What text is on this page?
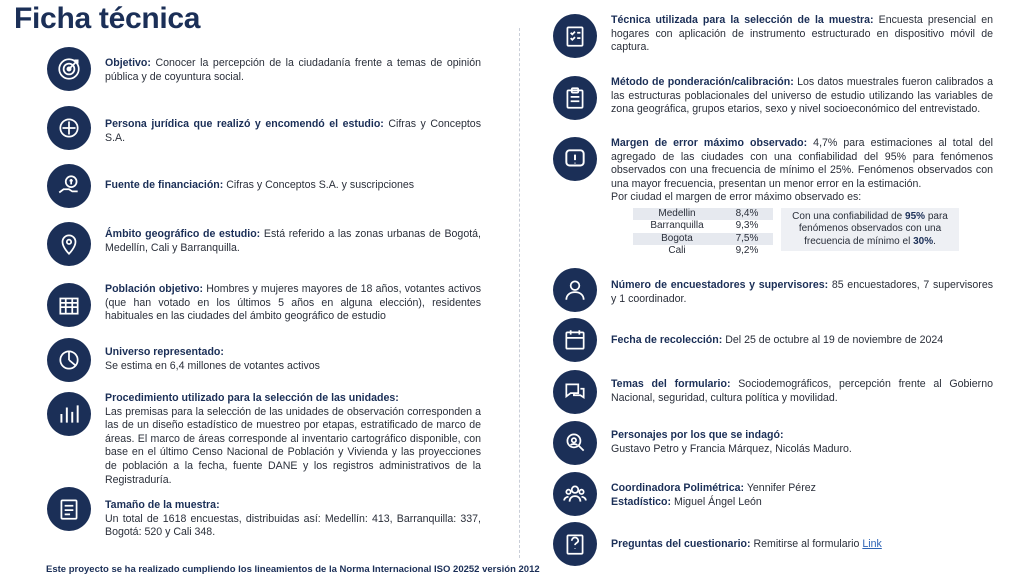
Ficha técnica
Objetivo: Conocer la percepción de la ciudadanía frente a temas de opinión pública y de coyuntura social.
Persona jurídica que realizó y encomendó el estudio: Cifras y Conceptos S.A.
Fuente de financiación: Cifras y Conceptos S.A. y suscripciones
Ámbito geográfico de estudio: Está referido a las zonas urbanas de Bogotá, Medellín, Cali y Barranquilla.
Población objetivo: Hombres y mujeres mayores de 18 años, votantes activos (que han votado en los últimos 5 años en alguna elección), residentes habituales en las ciudades del ámbito geográfico de estudio
Universo representado:
Se estima en 6,4 millones de votantes activos
Procedimiento utilizado para la selección de las unidades:
Las premisas para la selección de las unidades de observación corresponden a las de un diseño estadístico de muestreo por etapas, estratificado de marco de áreas. El marco de áreas corresponde al inventario cartográfico disponible, con base en el último Censo Nacional de Población y Vivienda y las proyecciones de población a la fecha, fuente DANE y los registros administrativos de la Registraduría.
Tamaño de la muestra:
Un total de 1618 encuestas, distribuidas así: Medellín: 413, Barranquilla: 337, Bogotá: 520 y Cali 348.
Técnica utilizada para la selección de la muestra: Encuesta presencial en hogares con aplicación de instrumento estructurado en dispositivo móvil de captura.
Método de ponderación/calibración: Los datos muestrales fueron calibrados a las estructuras poblacionales del universo de estudio utilizando las variables de zona geográfica, grupos etarios, sexo y nivel socioeconómico del entrevistado.
Margen de error máximo observado: 4,7% para estimaciones al total del agregado de las ciudades con una confiabilidad del 95% para fenómenos observados con una frecuencia de mínimo el 25%. Fenómenos observados con una mayor frecuencia, presentan un menor error en la estimación.
Por ciudad el margen de error máximo observado es:
Medellin	8,4%
Barranquilla	9,3%
Bogota	7,5%
Cali	9,2%
Con una confiabilidad de 95% para fenómenos observados con una frecuencia de mínimo el 30%.
Número de encuestadores y supervisores: 85 encuestadores, 7 supervisores y 1 coordinador.
Fecha de recolección: Del 25 de octubre al 19 de noviembre de 2024
Temas del formulario: Sociodemográficos, percepción frente al Gobierno Nacional, seguridad, cultura política y movilidad.
Personajes por los que se indagó:
Gustavo Petro y Francia Márquez, Nicolás Maduro.
Coordinadora Polimétrica: Yennifer Pérez
Estadístico: Miguel Ángel León
Preguntas del cuestionario: Remitirse al formulario Link
Este proyecto se ha realizado cumpliendo los lineamientos de la Norma Internacional ISO 20252 versión 2012
